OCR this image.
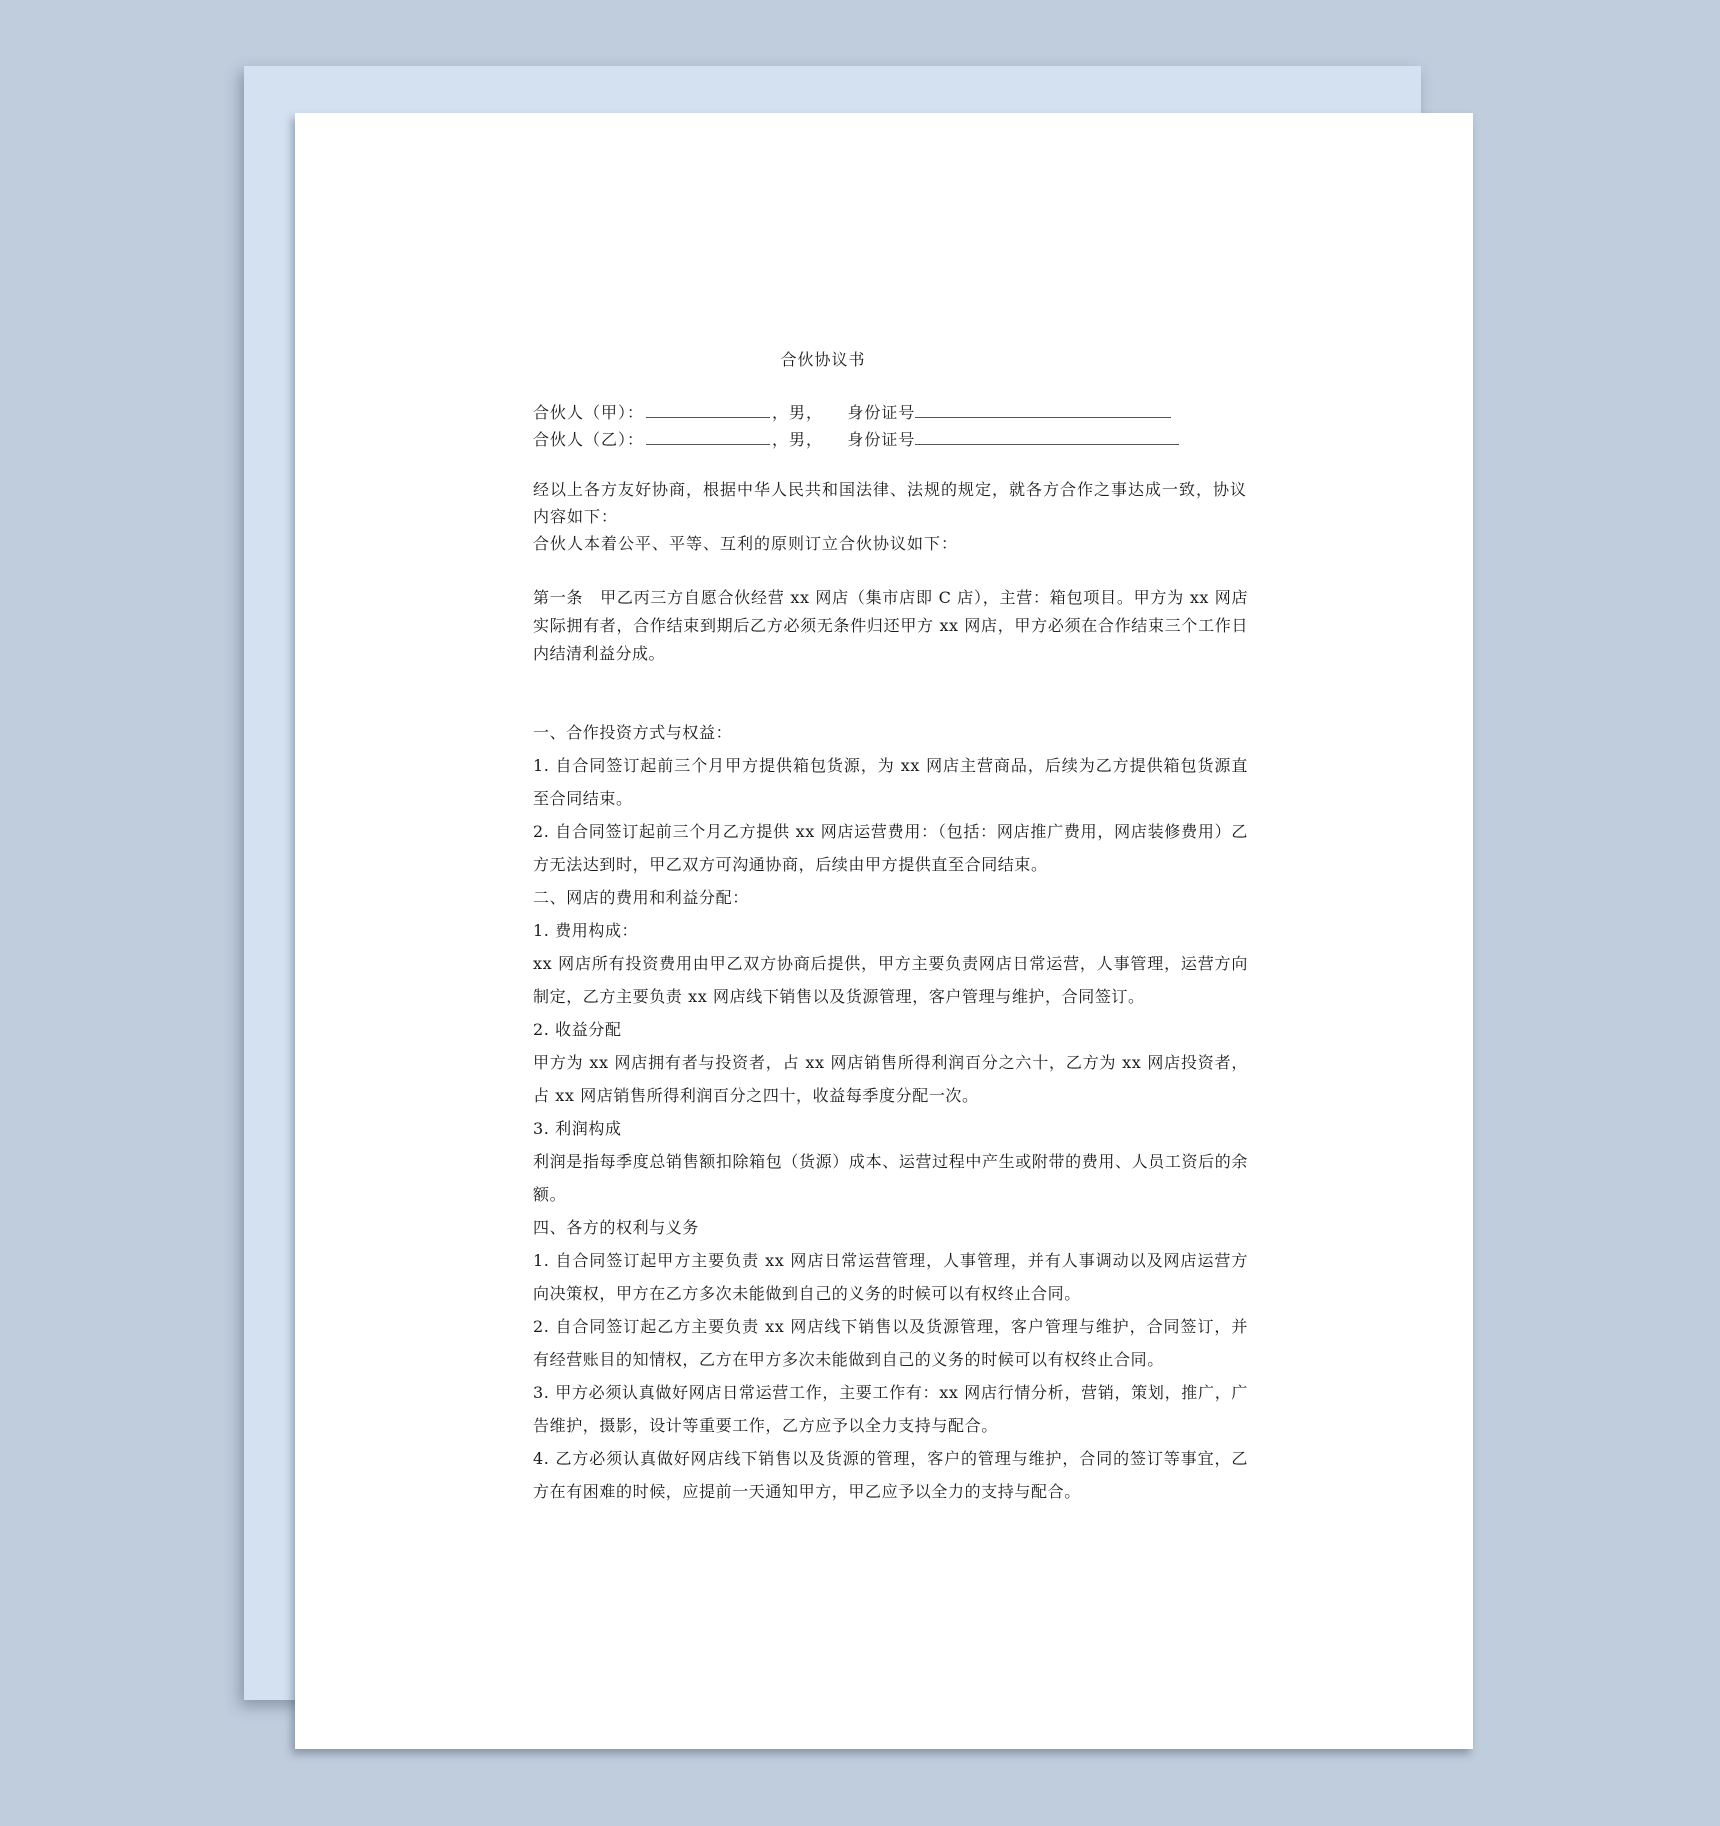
合伙协议书
合伙人（甲）：	，男， 身份证号
合伙人（乙）：	，男， 身份证号

经以上各方友好协商，根据中华人民共和国法律、法规的规定，就各方合作之事达成一致，协议内容如下：

合伙人本着公平、平等、互利的原则订立合伙协议如下：

第一条　甲乙丙三方自愿合伙经营 xx 网店（集市店即 C 店），主营：箱包项目。甲方为 xx 网店实际拥有者，合作结束到期后乙方必须无条件归还甲方 xx 网店，甲方必须在合作结束三个工作日内结清利益分成。

一、合作投资方式与权益：

1. 自合同签订起前三个月甲方提供箱包货源，为 xx 网店主营商品，后续为乙方提供箱包货源直至合同结束。

2. 自合同签订起前三个月乙方提供 xx 网店运营费用：（包括：网店推广费用，网店装修费用）乙方无法达到时，甲乙双方可沟通协商，后续由甲方提供直至合同结束。

二、网店的费用和利益分配：

1. 费用构成：

xx 网店所有投资费用由甲乙双方协商后提供，甲方主要负责网店日常运营，人事管理，运营方向制定，乙方主要负责 xx 网店线下销售以及货源管理，客户管理与维护，合同签订。

2. 收益分配

甲方为 xx 网店拥有者与投资者，占 xx 网店销售所得利润百分之六十，乙方为 xx 网店投资者，占 xx 网店销售所得利润百分之四十，收益每季度分配一次。

3. 利润构成

利润是指每季度总销售额扣除箱包（货源）成本、运营过程中产生或附带的费用、人员工资后的余额。

四、各方的权利与义务

1. 自合同签订起甲方主要负责 xx 网店日常运营管理，人事管理，并有人事调动以及网店运营方向决策权，甲方在乙方多次未能做到自己的义务的时候可以有权终止合同。

2. 自合同签订起乙方主要负责 xx 网店线下销售以及货源管理，客户管理与维护，合同签订，并有经营账目的知情权，乙方在甲方多次未能做到自己的义务的时候可以有权终止合同。

3. 甲方必须认真做好网店日常运营工作，主要工作有：xx 网店行情分析，营销，策划，推广，广告维护，摄影，设计等重要工作，乙方应予以全力支持与配合。

4. 乙方必须认真做好网店线下销售以及货源的管理，客户的管理与维护，合同的签订等事宜，乙方在有困难的时候，应提前一天通知甲方，甲乙应予以全力的支持与配合。
